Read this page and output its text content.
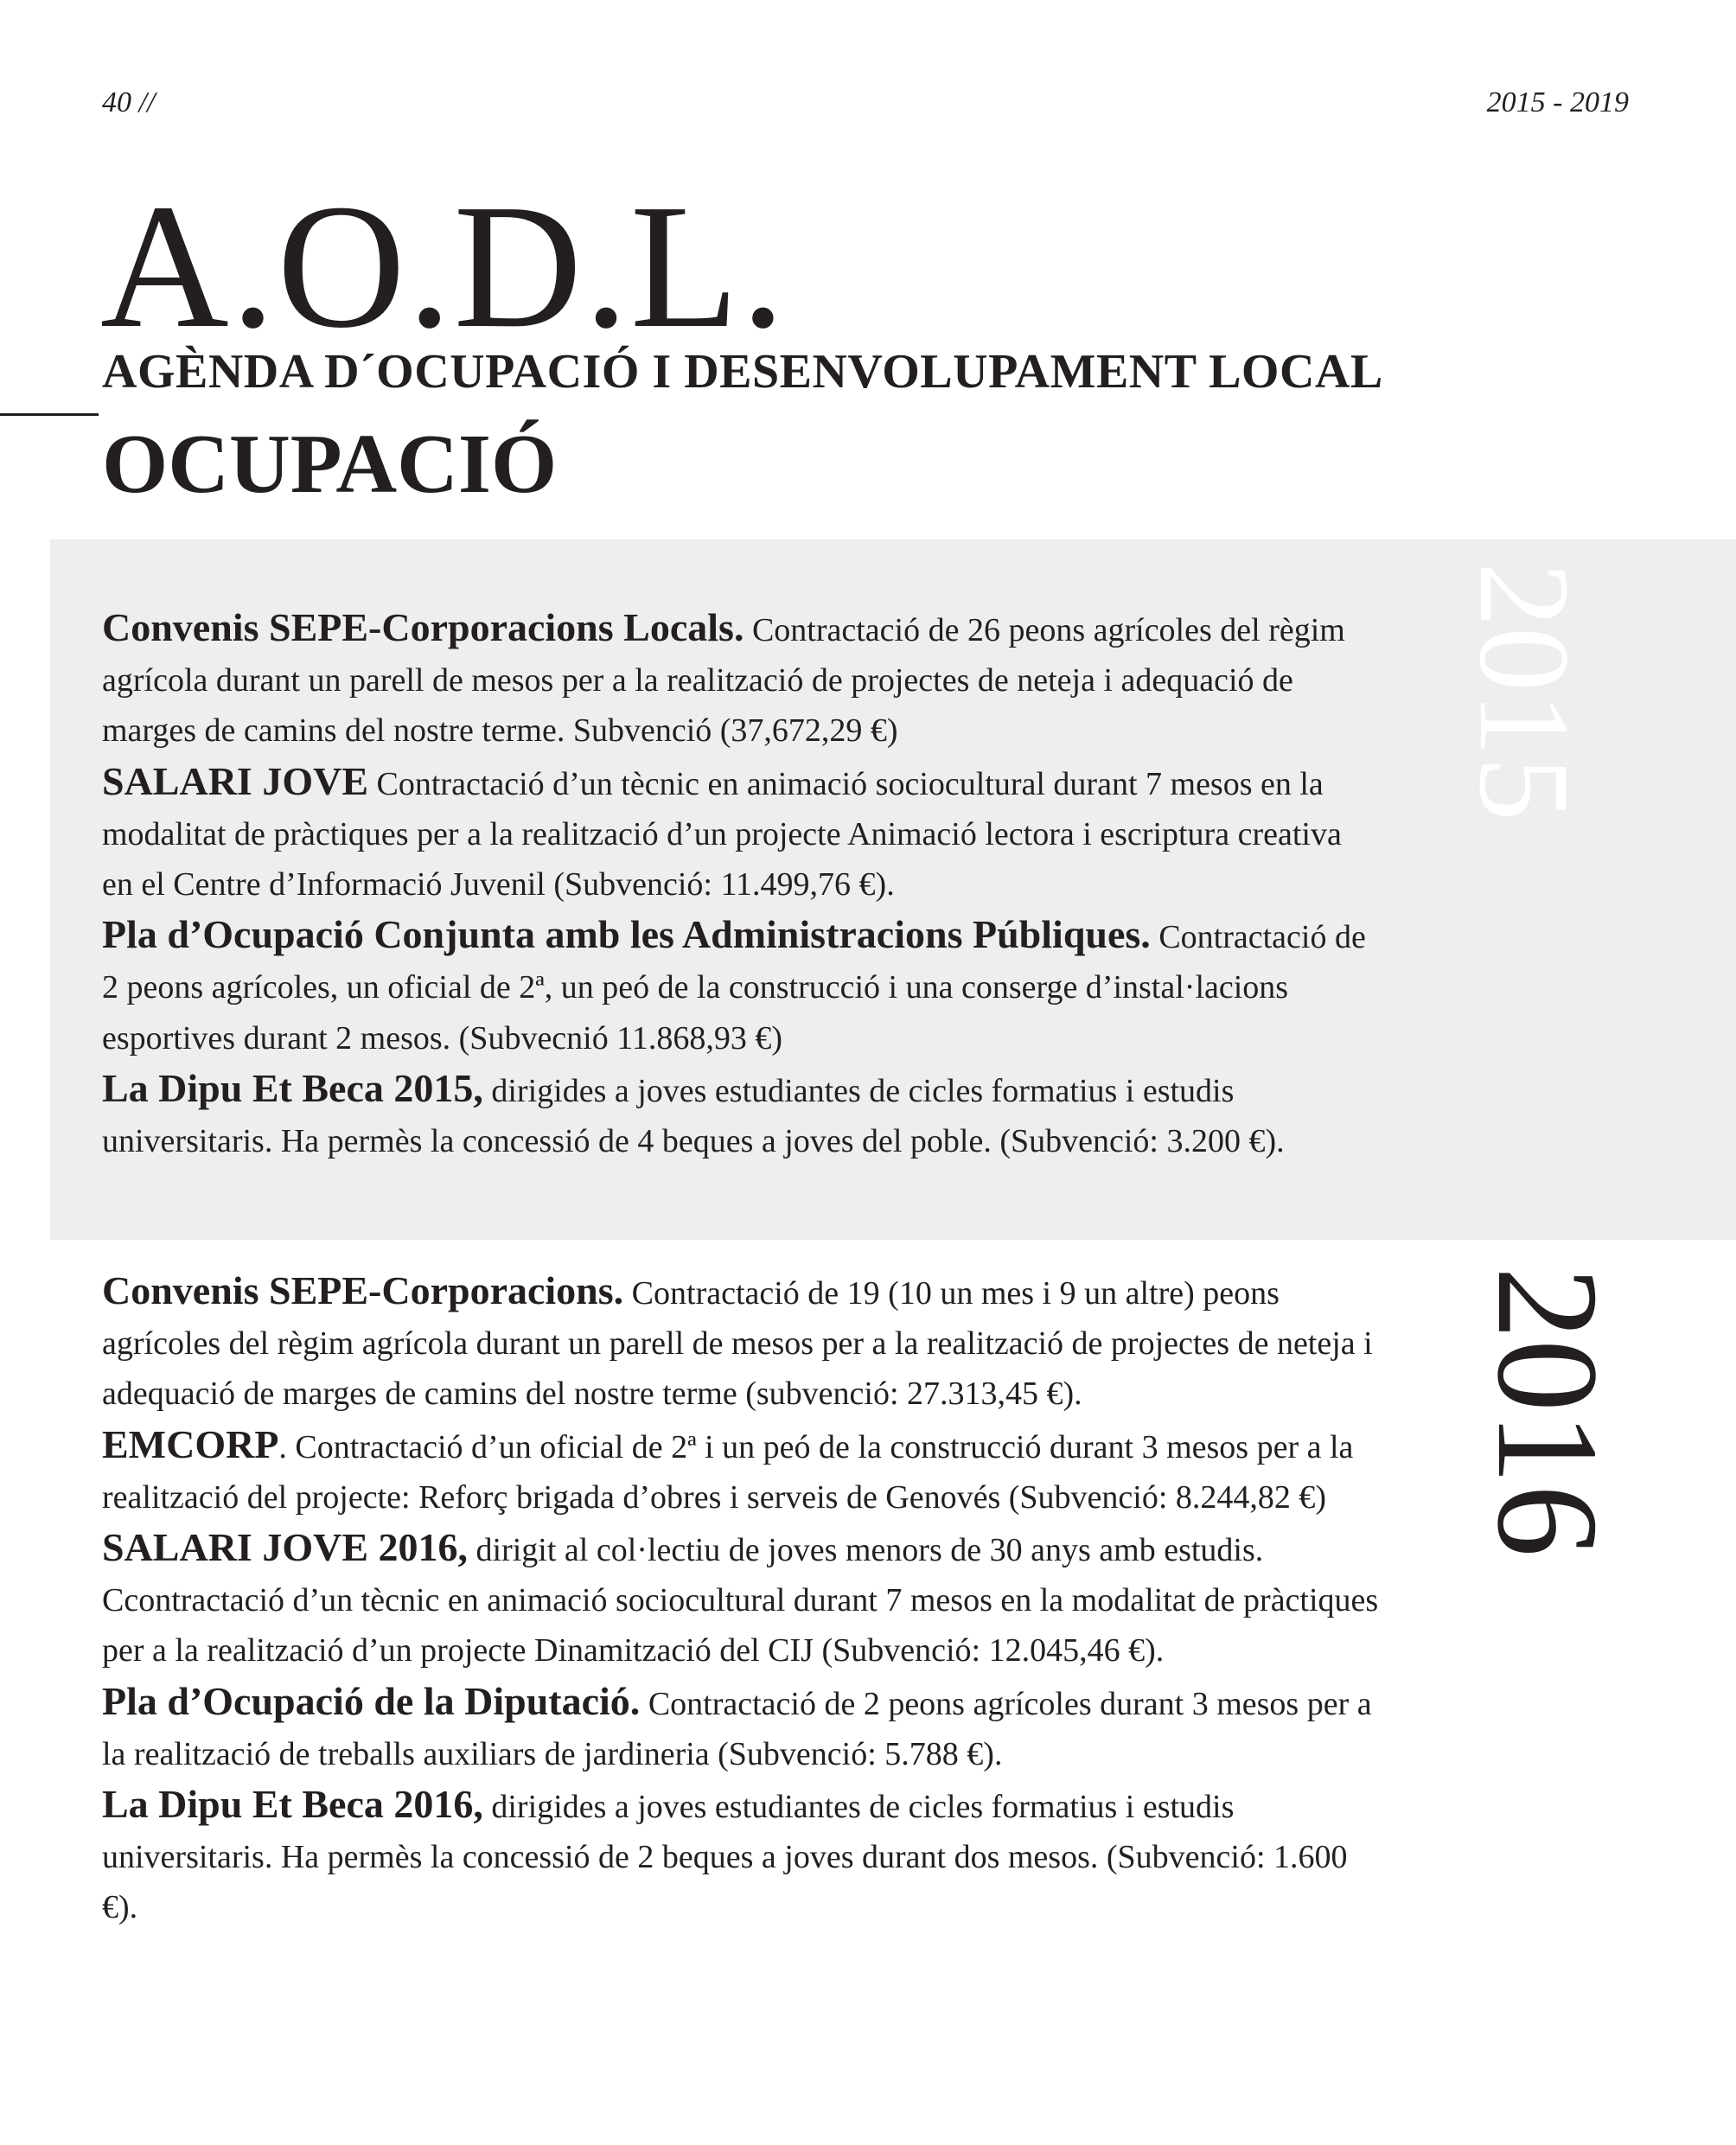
40 //	2015 - 2019
A.O.D.L.
AGÈNDA D´OCUPACIÓ I DESENVOLUPAMENT LOCAL
OCUPACIÓ
2015

Convenis SEPE-Corporacions Locals. Contractació de 26 peons agrícoles del règim agrícola durant un parell de mesos per a la realització de projectes de neteja i adequació de marges de camins del nostre terme. Subvenció (37,672,29 €)

SALARI JOVE Contractació d’un tècnic en animació sociocultural durant 7 mesos en la modalitat de pràctiques per a la realització d’un projecte Animació lectora i escriptura creativa en el Centre d’Informació Juvenil (Subvenció: 11.499,76 €).

Pla d’Ocupació Conjunta amb les Administracions Públiques. Contractació de 2 peons agrícoles, un oficial de 2ª, un peó de la construcció i una conserge d’instal·lacions esportives durant 2 mesos. (Subvecnió 11.868,93 €)

La Dipu Et Beca 2015, dirigides a joves estudiantes de cicles formatius i estudis universitaris. Ha permès la concessió de 4 beques a joves del poble. (Subvenció: 3.200 €).

2016

Convenis SEPE-Corporacions. Contractació de 19 (10 un mes i 9 un altre) peons agrícoles del règim agrícola durant un parell de mesos per a la realització de projectes de neteja i adequació de marges de camins del nostre terme (subvenció: 27.313,45 €).

EMCORP. Contractació d’un oficial de 2ª i un peó de la construcció durant 3 mesos per a la realització del projecte: Reforç brigada d’obres i serveis de Genovés (Subvenció: 8.244,82 €)

SALARI JOVE 2016, dirigit al col·lectiu de joves menors de 30 anys amb estudis. Ccontractació d’un tècnic en animació sociocultural durant 7 mesos en la modalitat de pràctiques per a la realització d’un projecte Dinamització del CIJ (Subvenció: 12.045,46 €).

Pla d’Ocupació de la Diputació. Contractació de 2 peons agrícoles durant 3 mesos per a la realització de treballs auxiliars de jardineria (Subvenció: 5.788 €).

La Dipu Et Beca 2016, dirigides a joves estudiantes de cicles formatius i estudis universitaris. Ha permès la concessió de 2 beques a joves durant dos mesos. (Subvenció: 1.600 €).
